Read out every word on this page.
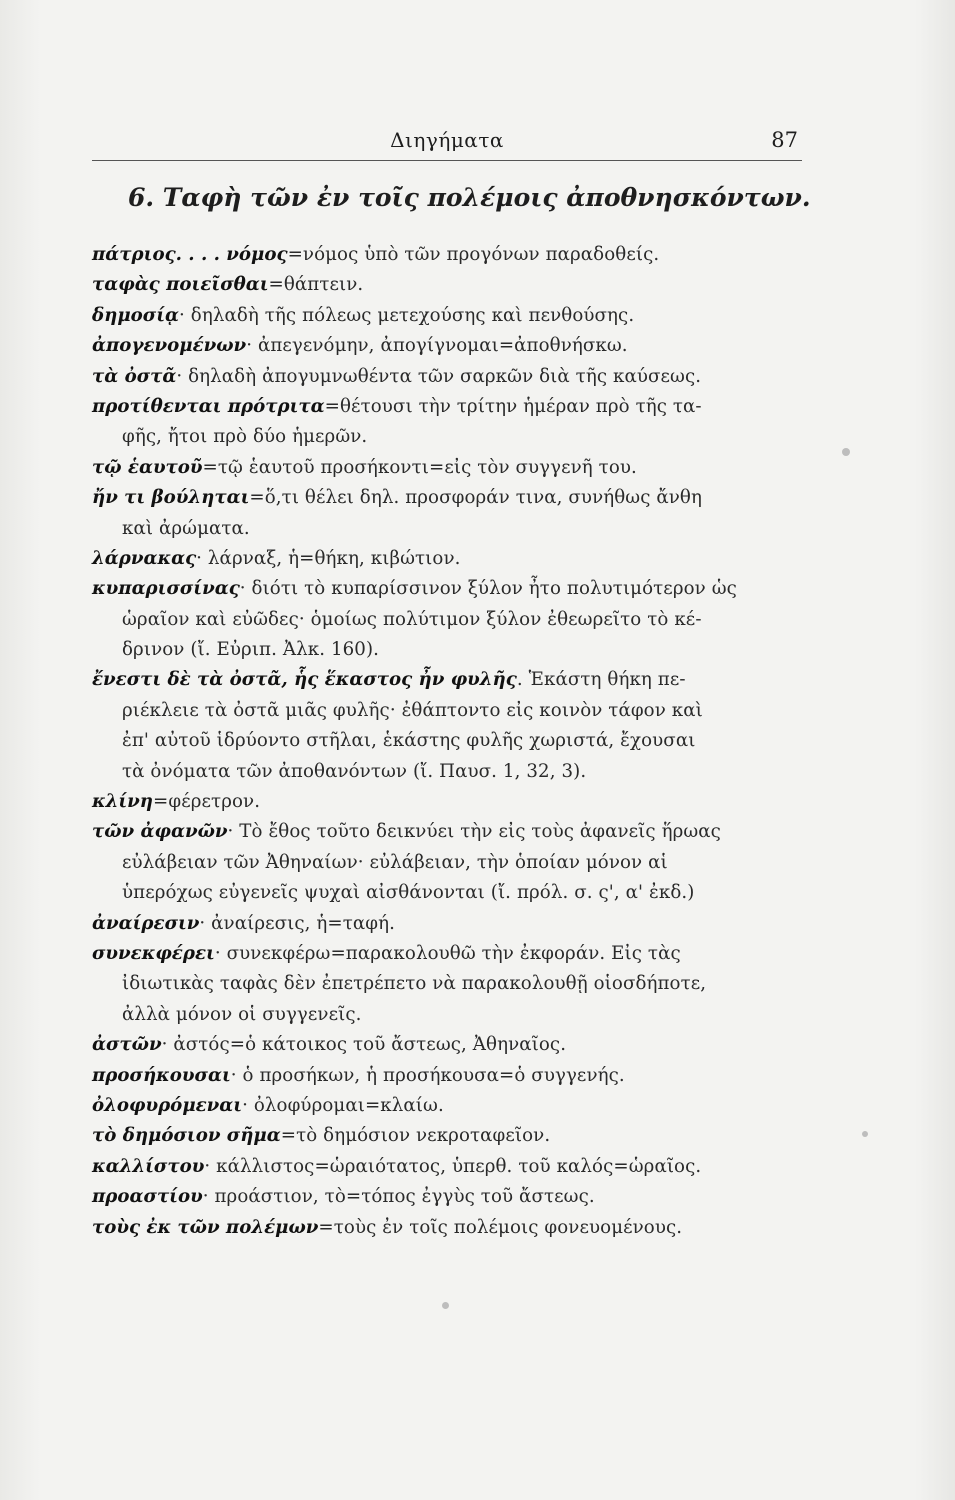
Διηγήματα	87
6. Ταφὴ τῶν ἐν τοῖς πολέμοις ἀποθνησκόντων.
πάτριος. . . . νόμος=νόμος ὑπὸ τῶν προγόνων παραδοθείς.
ταφὰς ποιεῖσθαι=θάπτειν.
δημοσίᾳ· δηλαδὴ τῆς πόλεως μετεχούσης καὶ πενθούσης.
ἀπογενομένων· ἀπεγενόμην, ἀπογίγνομαι=ἀποθνήσκω.
τὰ ὀστᾶ· δηλαδὴ ἀπογυμνωθέντα τῶν σαρκῶν διὰ τῆς καύσεως.
προτίθενται πρότριτα=θέτουσι τὴν τρίτην ἡμέραν πρὸ τῆς τα-
φῆς, ἤτοι πρὸ δύο ἡμερῶν.
τῷ ἑαυτοῦ=τῷ ἑαυτοῦ προσήκοντι=εἰς τὸν συγγενῆ του.
ἤν τι βούληται=ὅ,τι θέλει δηλ. προσφοράν τινα, συνήθως ἄνθη
καὶ ἀρώματα.
λάρνακας· λάρναξ, ἡ=θήκη, κιβώτιον.
κυπαρισσίνας· διότι τὸ κυπαρίσσινον ξύλον ἦτο πολυτιμότερον ὡς
ὡραῖον καὶ εὐῶδες· ὁμοίως πολύτιμον ξύλον ἐθεωρεῖτο τὸ κέ-
δρινον (ἴ. Εὐριπ. Ἀλκ. 160).
ἔνεστι δὲ τὰ ὀστᾶ, ἧς ἕκαστος ἦν φυλῆς. Ἑκάστη θήκη πε-
ριέκλειε τὰ ὀστᾶ μιᾶς φυλῆς· ἐθάπτοντο εἰς κοινὸν τάφον καὶ
ἐπ' αὐτοῦ ἱδρύοντο στῆλαι, ἑκάστης φυλῆς χωριστά, ἔχουσαι
τὰ ὀνόματα τῶν ἀποθανόντων (ἴ. Παυσ. 1, 32, 3).
κλίνη=φέρετρον.
τῶν ἀφανῶν· Τὸ ἔθος τοῦτο δεικνύει τὴν εἰς τοὺς ἀφανεῖς ἥρωας
εὐλάβειαν τῶν Ἀθηναίων· εὐλάβειαν, τὴν ὁποίαν μόνον αἱ
ὑπερόχως εὐγενεῖς ψυχαὶ αἰσθάνονται (ἴ. πρόλ. σ. ς', α' ἐκδ.)
ἀναίρεσιν· ἀναίρεσις, ἡ=ταφή.
συνεκφέρει· συνεκφέρω=παρακολουθῶ τὴν ἐκφοράν. Εἰς τὰς
ἰδιωτικὰς ταφὰς δὲν ἐπετρέπετο νὰ παρακολουθῇ οἱοσδήποτε,
ἀλλὰ μόνον οἱ συγγενεῖς.
ἀστῶν· ἀστός=ὁ κάτοικος τοῦ ἄστεως, Ἀθηναῖος.
προσήκουσαι· ὁ προσήκων, ἡ προσήκουσα=ὁ συγγενής.
ὀλοφυρόμεναι· ὀλοφύρομαι=κλαίω.
τὸ δημόσιον σῆμα=τὸ δημόσιον νεκροταφεῖον.
καλλίστου· κάλλιστος=ὡραιότατος, ὑπερθ. τοῦ καλός=ὡραῖος.
προαστίου· προάστιον, τὸ=τόπος ἐγγὺς τοῦ ἄστεως.
τοὺς ἐκ τῶν πολέμων=τοὺς ἐν τοῖς πολέμοις φονευομένους.
